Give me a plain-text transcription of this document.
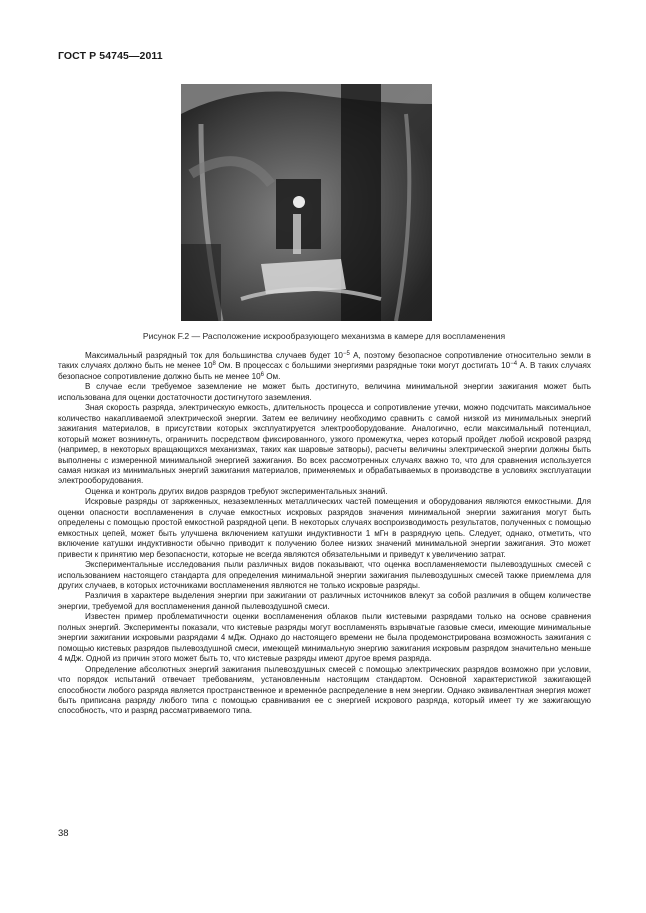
ГОСТ Р 54745—2011
Рисунок F.2 — Расположение искрообразующего механизма в камере для воспламенения

Максимальный разрядный ток для большинства случаев будет $10^{-5}$ А, поэтому безопасное сопротивление относительно земли в таких случаях должно быть не менее $10^8$ Ом. В процессах с большими энергиями разрядные токи могут достигать $10^{-4}$ А. В таких случаях безопасное сопротивление должно быть не менее $10^6$ Ом.

В случае если требуемое заземление не может быть достигнуто, величина минимальной энергии зажигания может быть использована для оценки достаточности достигнутого заземления.

Зная скорость разряда, электрическую емкость, длительность процесса и сопротивление утечки, можно подсчитать максимальное количество накапливаемой электрической энергии. Затем ее величину необходимо сравнить с самой низкой из минимальных энергий зажигания материалов, в присутствии которых эксплуатируется электрооборудование. Аналогично, если максимальный потенциал, который может возникнуть, ограничить посредством фиксированного, узкого промежутка, через который пройдет любой искровой разряд (например, в некоторых вращающихся механизмах, таких как шаровые затворы), расчеты величины электрической энергии должны быть выполнены с измеренной минимальной энергией зажигания. Во всех рассмотренных случаях важно то, что для сравнения используется самая низкая из минимальных энергий зажигания материалов, применяемых и обрабатываемых в производстве в условиях эксплуатации электрооборудования.

Оценка и контроль других видов разрядов требуют экспериментальных знаний.

Искровые разряды от заряженных, незаземленных металлических частей помещения и оборудования являются емкостными. Для оценки опасности воспламенения в случае емкостных искровых разрядов значения минимальной энергии зажигания могут быть определены с помощью простой емкостной разрядной цепи. В некоторых случаях воспроизводимость результатов, полученных с помощью емкостных цепей, может быть улучшена включением катушки индуктивности 1 мГн в разрядную цепь. Следует, однако, отметить, что включение катушки индуктивности обычно приводит к получению более низких значений минимальной энергии зажигания. Это может привести к принятию мер безопасности, которые не всегда являются обязательными и приведут к увеличению затрат.

Экспериментальные исследования пыли различных видов показывают, что оценка воспламеняемости пылевоздушных смесей с использованием настоящего стандарта для определения минимальной энергии зажигания пылевоздушных смесей также приемлема для других случаев, в которых источниками воспламенения являются не только искровые разряды.

Различия в характере выделения энергии при зажигании от различных источников влекут за собой различия в общем количестве энергии, требуемой для воспламенения данной пылевоздушной смеси.

Известен пример проблематичности оценки воспламенения облаков пыли кистевыми разрядами только на основе сравнения полных энергий. Эксперименты показали, что кистевые разряды могут воспламенять взрывчатые газовые смеси, имеющие минимальные энергии зажигании искровыми разрядами 4 мДж. Однако до настоящего времени не была продемонстрирована возможность зажигания с помощью кистевых разрядов пылевоздушной смеси, имеющей минимальную энергию зажигания искровым разрядом значительно меньше 4 мДж. Одной из причин этого может быть то, что кистевые разряды имеют другое время разряда.

Определение абсолютных энергий зажигания пылевоздушных смесей с помощью электрических разрядов возможно при условии, что порядок испытаний отвечает требованиям, установленным настоящим стандартом. Основной характеристикой зажигающей способности любого разряда является пространственное и временнóе распределение в нем энергии. Однако эквивалентная энергия может быть приписана разряду любого типа с помощью сравнивания ее с энергией искрового разряда, который имеет ту же зажигающую способность, что и разряд рассматриваемого типа.

38
